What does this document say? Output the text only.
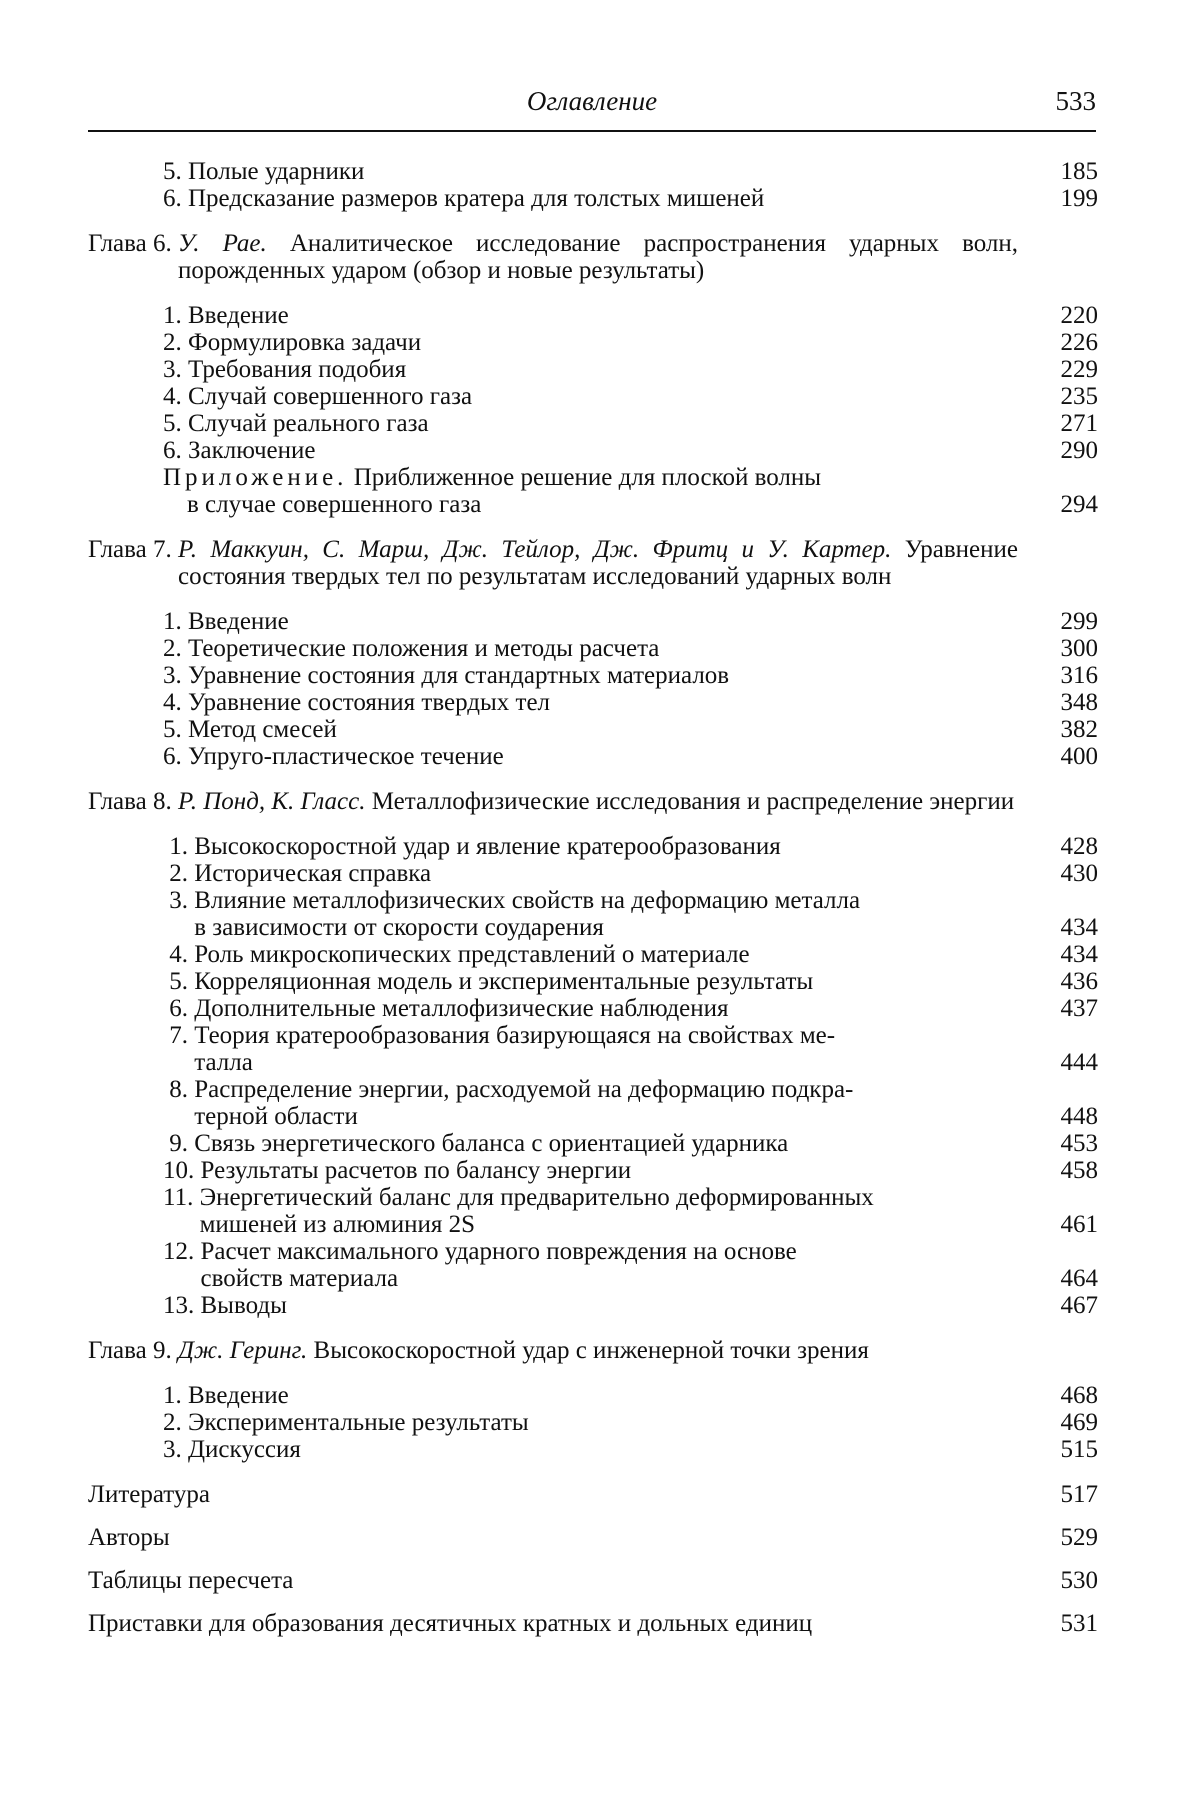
Оглавление	533
5. Полые ударники	185
6. Предсказание размеров кратера для толстых мишеней	199
Глава 6. У. Рае. Аналитическое исследование распространения ударных волн, порожденных ударом (обзор и новые результаты)
1. Введение	220
2. Формулировка задачи	226
3. Требования подобия	229
4. Случай совершенного газа	235
5. Случай реального газа	271
6. Заключение	290
Приложение. Приближенное решение для плоской волны
в случае совершенного газа	294
Глава 7. Р. Маккуин, С. Марш, Дж. Тейлор, Дж. Фритц и У. Картер. Уравнение состояния твердых тел по результатам исследований ударных волн
1. Введение	299
2. Теоретические положения и методы расчета	300
3. Уравнение состояния для стандартных материалов	316
4. Уравнение состояния твердых тел	348
5. Метод смесей	382
6. Упруго-пластическое течение	400
Глава 8. Р. Понд, К. Гласс. Металлофизические исследования и распределение энергии
1. Высокоскоростной удар и явление кратерообразования	428
2. Историческая справка	430
3. Влияние металлофизических свойств на деформацию металла
в зависимости от скорости соударения	434
4. Роль микроскопических представлений о материале	434
5. Корреляционная модель и экспериментальные результаты	436
6. Дополнительные металлофизические наблюдения	437
7. Теория кратерообразования базирующаяся на свойствах ме-
талла	444
8. Распределение энергии, расходуемой на деформацию подкра-
терной области	448
9. Связь энергетического баланса с ориентацией ударника	453
10. Результаты расчетов по балансу энергии	458
11. Энергетический баланс для предварительно деформированных
мишеней из алюминия 2S	461
12. Расчет максимального ударного повреждения на основе
свойств материала	464
13. Выводы	467
Глава 9. Дж. Геринг. Высокоскоростной удар с инженерной точки зрения
1. Введение	468
2. Экспериментальные результаты	469
3. Дискуссия	515
Литература	517
Авторы	529
Таблицы пересчета	530
Приставки для образования десятичных кратных и дольных единиц	531
